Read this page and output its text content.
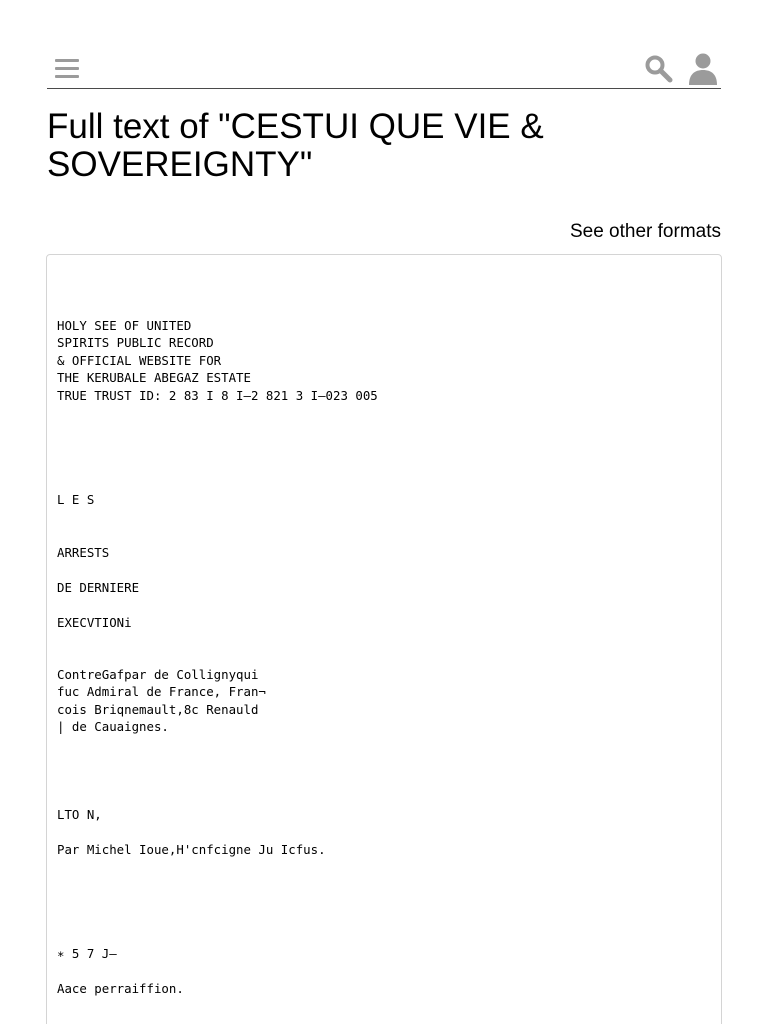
Full text of "CESTUI QUE VIE & SOVEREIGNTY"
See other formats

HOLY SEE OF UNITED
SPIRITS PUBLIC RECORD
& OFFICIAL WEBSITE FOR
THE KERUBALE ABEGAZ ESTATE
TRUE TRUST ID: 2 83 I 8 I—2 821 3 I—023 005

L E S

ARRESTS

DE DERNIERE

EXECVTIONi

ContreGafpar de Collignyqui
fuc Admiral de France, Fran¬
cois Briqnemault,8c Renauld
| de Cauaignes.

LTO N,

Par Michel Ioue,H'cnfcigne Ju Icfus.

∗ 5 7 J—

Aace perraiffion.
